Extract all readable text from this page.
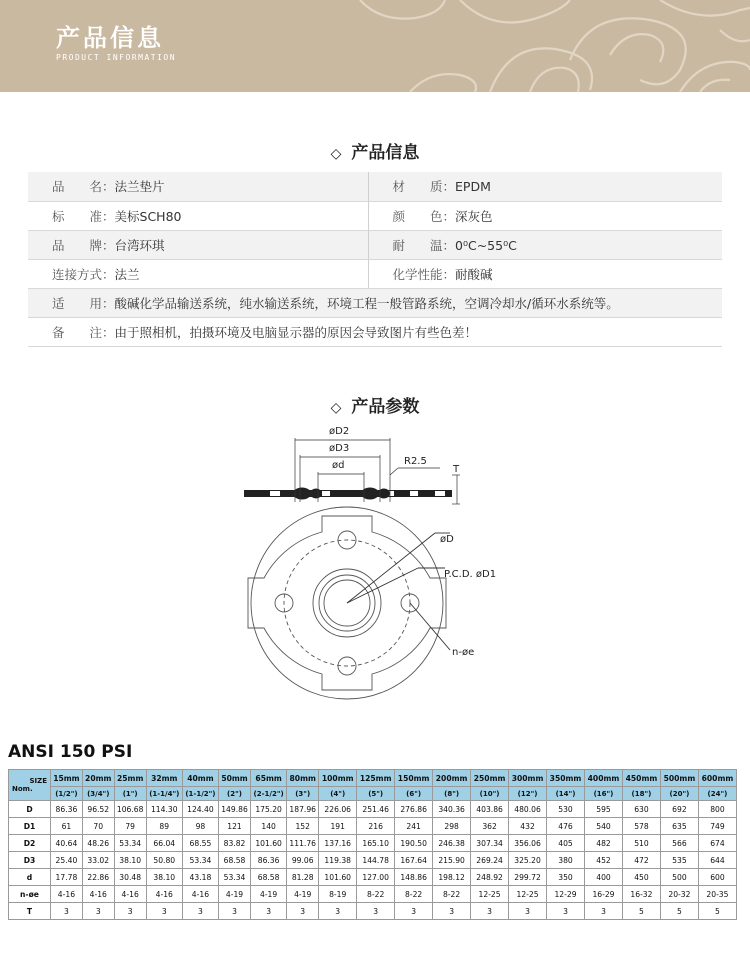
产品信息
PRODUCT INFORMATION
◇ 产品信息
品　　名：法兰垫片	材　　质：EPDM
标　　准：美标SCH80	颜　　色：深灰色
品　　牌：台湾环琪	耐　　温：0⁰C~55⁰C
连接方式：法兰	化学性能：耐酸碱
适　　用：酸碱化学品输送系统，纯水输送系统，环境工程一般管路系统，空调冷却水/循环水系统等。	
备　　注：由于照相机，拍摄环境及电脑显示器的原因会导致图片有些色差！	
◇ 产品参数
øD2
øD3
ød	R2.5
T
øD
P.C.D. øD1
n-øe
ANSI 150 PSI
SIZE
Nom.	15mm	20mm	25mm	32mm	40mm	50mm	65mm	80mm	100mm	125mm	150mm	200mm	250mm	300mm	350mm	400mm	450mm	500mm	600mm
	(1/2")	(3/4")	(1")	(1-1/4")	(1-1/2")	(2")	(2-1/2")	(3")	(4")	(5")	(6")	(8")	(10")	(12")	(14")	(16")	(18")	(20")	(24")
D	86.36	96.52	106.68	114.30	124.40	149.86	175.20	187.96	226.06	251.46	276.86	340.36	403.86	480.06	530	595	630	692	800
D1	61	70	79	89	98	121	140	152	191	216	241	298	362	432	476	540	578	635	749
D2	40.64	48.26	53.34	66.04	68.55	83.82	101.60	111.76	137.16	165.10	190.50	246.38	307.34	356.06	405	482	510	566	674
D3	25.40	33.02	38.10	50.80	53.34	68.58	86.36	99.06	119.38	144.78	167.64	215.90	269.24	325.20	380	452	472	535	644
d	17.78	22.86	30.48	38.10	43.18	53.34	68.58	81.28	101.60	127.00	148.86	198.12	248.92	299.72	350	400	450	500	600
n-øe	4-16	4-16	4-16	4-16	4-16	4-19	4-19	4-19	8-19	8-22	8-22	8-22	12-25	12-25	12-29	16-29	16-32	20-32	20-35
T	3	3	3	3	3	3	3	3	3	3	3	3	3	3	3	3	5	5	5
